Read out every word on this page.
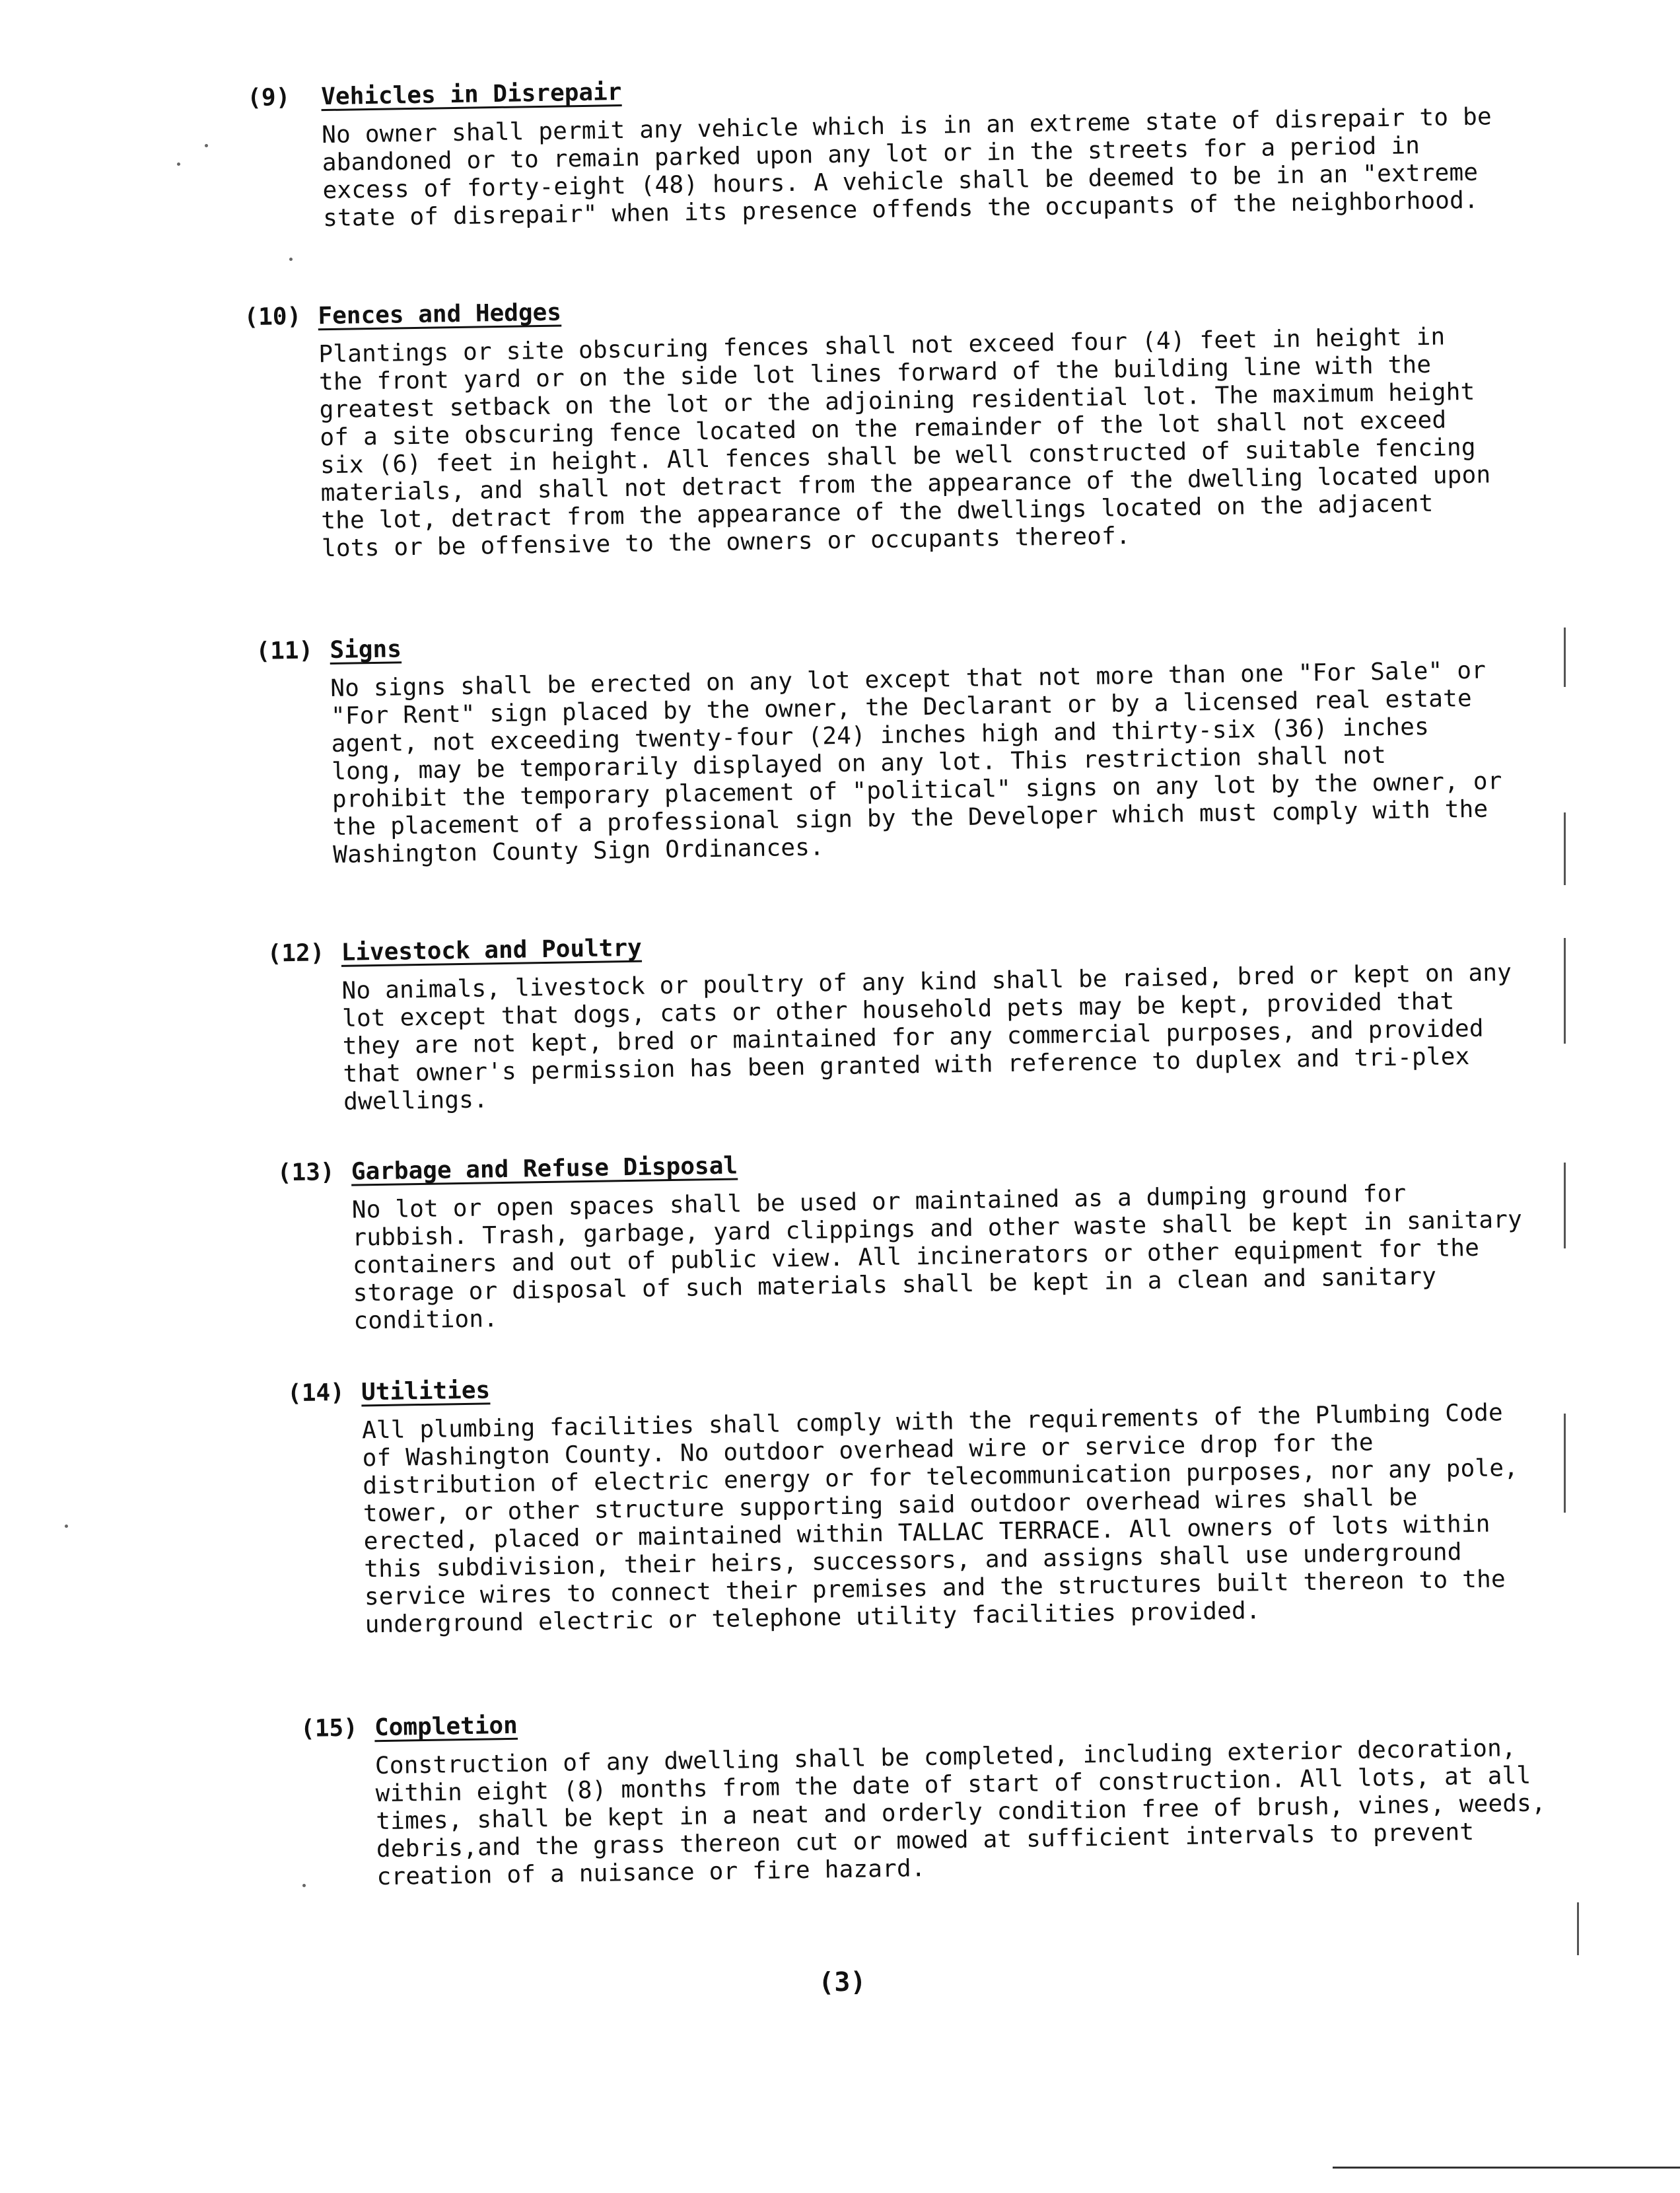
(9)	Vehicles in Disrepair
No owner shall permit any vehicle which is in an extreme state of disrepair to be abandoned or to remain parked upon any lot or in the streets for a period in excess of forty-eight (48) hours. A vehicle shall be deemed to be in an "extreme state of disrepair" when its presence offends the occupants of the neighborhood.
(10) Fences and Hedges
Plantings or site obscuring fences shall not exceed four (4) feet in height in the front yard or on the side lot lines forward of the building line with the greatest setback on the lot or the adjoining residential lot. The maximum height of a site obscuring fence located on the remainder of the lot shall not exceed six (6) feet in height. All fences shall be well constructed of suitable fencing materials, and shall not detract from the appearance of the dwelling located upon the lot, detract from the appearance of the dwellings located on the adjacent lots or be offensive to the owners or occupants thereof.
(11) Signs
No signs shall be erected on any lot except that not more than one "For Sale" or "For Rent" sign placed by the owner, the Declarant or by a licensed real estate agent, not exceeding twenty-four (24) inches high and thirty-six (36) inches long, may be temporarily displayed on any lot. This restriction shall not prohibit the temporary placement of "political" signs on any lot by the owner, or the placement of a professional sign by the Developer which must comply with the Washington County Sign Ordinances.
(12) Livestock and Poultry
No animals, livestock or poultry of any kind shall be raised, bred or kept on any lot except that dogs, cats or other household pets may be kept, provided that they are not kept, bred or maintained for any commercial purposes, and provided that owner's permission has been granted with reference to duplex and tri-plex dwellings.
(13) Garbage and Refuse Disposal
No lot or open spaces shall be used or maintained as a dumping ground for rubbish. Trash, garbage, yard clippings and other waste shall be kept in sanitary containers and out of public view. All incinerators or other equipment for the storage or disposal of such materials shall be kept in a clean and sanitary condition.
(14) Utilities
All plumbing facilities shall comply with the requirements of the Plumbing Code of Washington County. No outdoor overhead wire or service drop for the distribution of electric energy or for telecommunication purposes, nor any pole, tower, or other structure supporting said outdoor overhead wires shall be erected, placed or maintained within TALLAC TERRACE. All owners of lots within this subdivision, their heirs, successors, and assigns shall use underground service wires to connect their premises and the structures built thereon to the underground electric or telephone utility facilities provided.
(15) Completion
Construction of any dwelling shall be completed, including exterior decoration, within eight (8) months from the date of start of construction. All lots, at all times, shall be kept in a neat and orderly condition free of brush, vines, weeds, debris,and the grass thereon cut or mowed at sufficient intervals to prevent creation of a nuisance or fire hazard.
(3)
